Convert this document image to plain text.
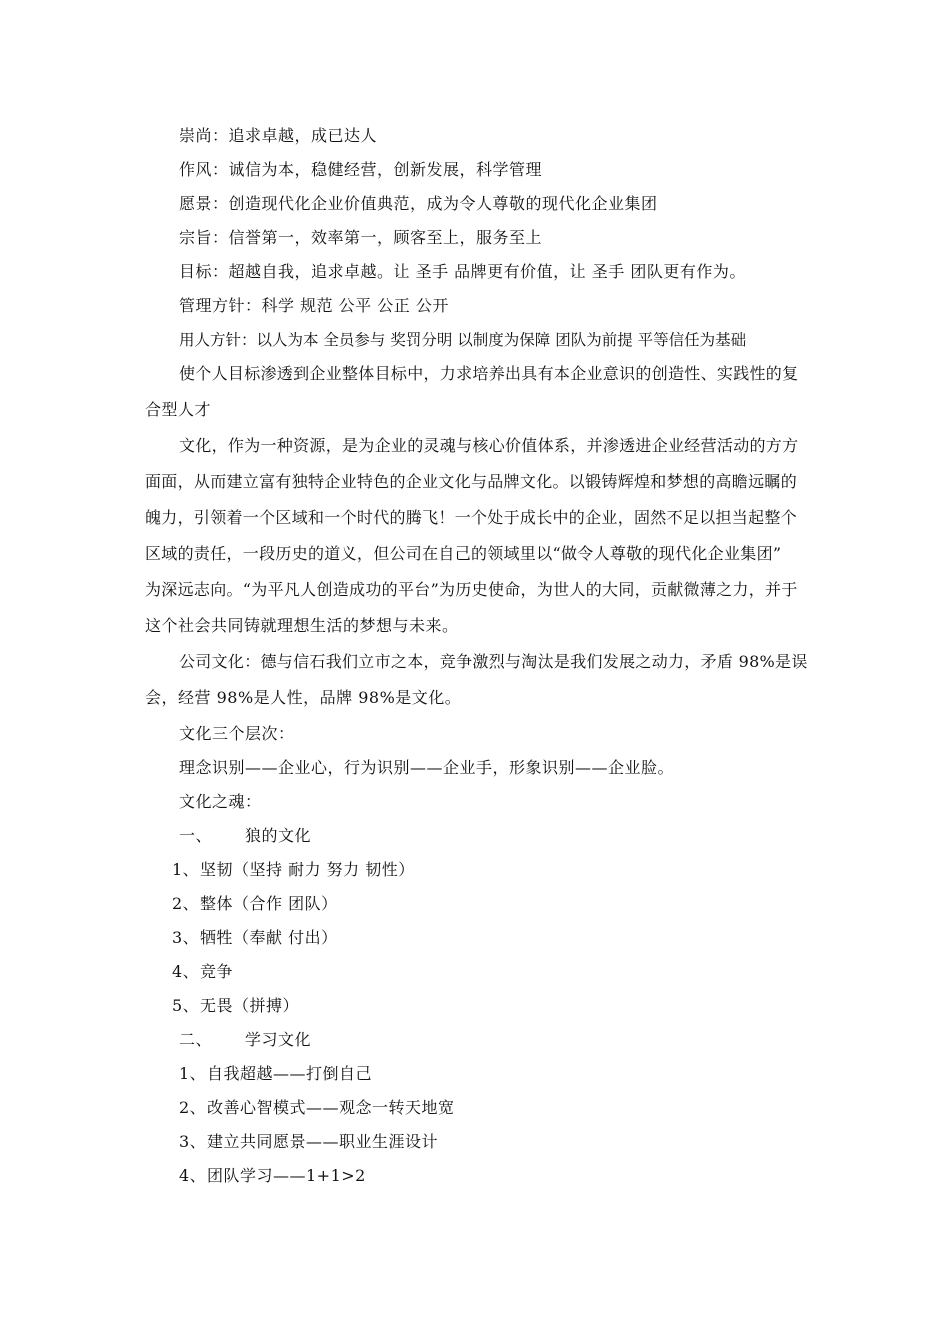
崇尚：追求卓越，成已达人
作风：诚信为本，稳健经营，创新发展，科学管理
愿景：创造现代化企业价值典范，成为令人尊敬的现代化企业集团
宗旨：信誉第一，效率第一，顾客至上，服务至上
目标：超越自我，追求卓越。让 圣手 品牌更有价值，让 圣手 团队更有作为。
管理方针：科学 规范 公平 公正 公开
用人方针：以人为本 全员参与 奖罚分明 以制度为保障 团队为前提 平等信任为基础
使个人目标渗透到企业整体目标中，力求培养出具有本企业意识的创造性、实践性的复
合型人才
文化，作为一种资源，是为企业的灵魂与核心价值体系，并渗透进企业经营活动的方方
面面，从而建立富有独特企业特色的企业文化与品牌文化。以锻铸辉煌和梦想的高瞻远瞩的
魄力，引领着一个区域和一个时代的腾飞！一个处于成长中的企业，固然不足以担当起整个
区域的责任，一段历史的道义，但公司在自己的领域里以“做令人尊敬的现代化企业集团”
为深远志向。“为平凡人创造成功的平台”为历史使命，为世人的大同，贡献微薄之力，并于
这个社会共同铸就理想生活的梦想与未来。
公司文化：德与信石我们立市之本，竞争激烈与淘汰是我们发展之动力，矛盾 98%是误
会，经营 98%是人性，品牌 98%是文化。
文化三个层次：
理念识别——企业心，行为识别——企业手，形象识别——企业脸。
文化之魂：
一、 狼的文化
1、 坚韧（坚持 耐力 努力 韧性）
2、 整体（合作 团队）
3、 牺牲（奉献 付出）
4、 竞争
5、 无畏（拼搏）
二、 学习文化
1、 自我超越——打倒自己
2、 改善心智模式——观念一转天地宽
3、 建立共同愿景——职业生涯设计
4、 团队学习——1+1>2
